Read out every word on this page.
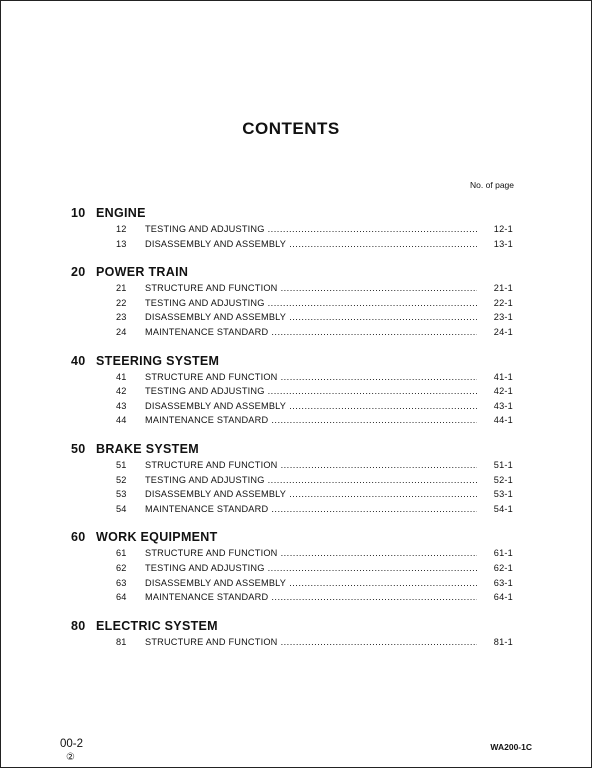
CONTENTS
No. of page
10 ENGINE
12	TESTING AND ADJUSTING .....	12-1
13	DISASSEMBLY AND ASSEMBLY .....	13-1
20 POWER TRAIN
21	STRUCTURE AND FUNCTION .....	21-1
22	TESTING AND ADJUSTING .....	22-1
23	DISASSEMBLY AND ASSEMBLY .....	23-1
24	MAINTENANCE STANDARD .....	24-1
40 STEERING SYSTEM
41	STRUCTURE AND FUNCTION .....	41-1
42	TESTING AND ADJUSTING .....	42-1
43	DISASSEMBLY AND ASSEMBLY .....	43-1
44	MAINTENANCE STANDARD .....	44-1
50 BRAKE SYSTEM
51	STRUCTURE AND FUNCTION .....	51-1
52	TESTING AND ADJUSTING .....	52-1
53	DISASSEMBLY AND ASSEMBLY .....	53-1
54	MAINTENANCE STANDARD .....	54-1
60 WORK EQUIPMENT
61	STRUCTURE AND FUNCTION .....	61-1
62	TESTING AND ADJUSTING .....	62-1
63	DISASSEMBLY AND ASSEMBLY .....	63-1
64	MAINTENANCE STANDARD .....	64-1
80 ELECTRIC SYSTEM
81	STRUCTURE AND FUNCTION .....	81-1
00-2
②
WA200-1C
